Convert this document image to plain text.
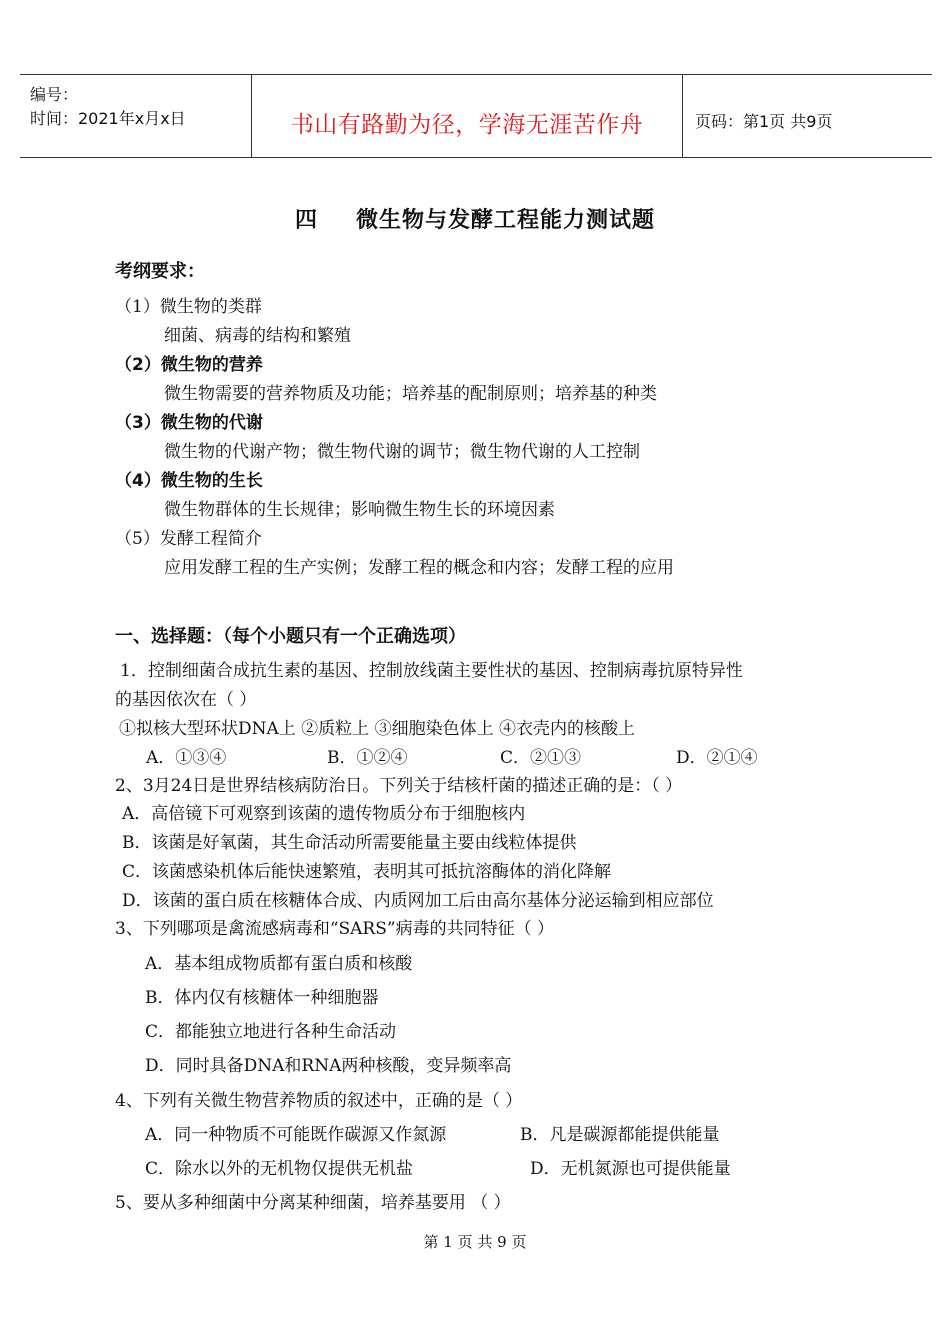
编号：
时间：2021年x月x日	书山有路勤为径，学海无涯苦作舟	页码：第1页 共9页
四 微生物与发酵工程能力测试题
考纲要求：
（1）微生物的类群
细菌、病毒的结构和繁殖
（2）微生物的营养
微生物需要的营养物质及功能；培养基的配制原则；培养基的种类
（3）微生物的代谢
微生物的代谢产物；微生物代谢的调节；微生物代谢的人工控制
（4）微生物的生长
微生物群体的生长规律；影响微生物生长的环境因素
（5）发酵工程简介
应用发酵工程的生产实例；发酵工程的概念和内容；发酵工程的应用
一、选择题：（每个小题只有一个正确选项）
1．控制细菌合成抗生素的基因、控制放线菌主要性状的基因、控制病毒抗原特异性
的基因依次在（ ）
①拟核大型环状DNA上 ②质粒上 ③细胞染色体上 ④衣壳内的核酸上
A．①③④	B．①②④	C．②①③	D．②①④
2、3月24日是世界结核病防治日。下列关于结核杆菌的描述正确的是：（ ）
A．高倍镜下可观察到该菌的遗传物质分布于细胞核内
B．该菌是好氧菌，其生命活动所需要能量主要由线粒体提供
C．该菌感染机体后能快速繁殖，表明其可抵抗溶酶体的消化降解
D．该菌的蛋白质在核糖体合成、内质网加工后由高尔基体分泌运输到相应部位
3、下列哪项是禽流感病毒和“SARS”病毒的共同特征（ ）
A．基本组成物质都有蛋白质和核酸
B．体内仅有核糖体一种细胞器
C．都能独立地进行各种生命活动
D．同时具备DNA和RNA两种核酸，变异频率高
4、下列有关微生物营养物质的叙述中，正确的是（ ）
A．同一种物质不可能既作碳源又作氮源	B．凡是碳源都能提供能量
C．除水以外的无机物仅提供无机盐	D．无机氮源也可提供能量
5、要从多种细菌中分离某种细菌，培养基要用 （ ）
第 1 页 共 9 页
